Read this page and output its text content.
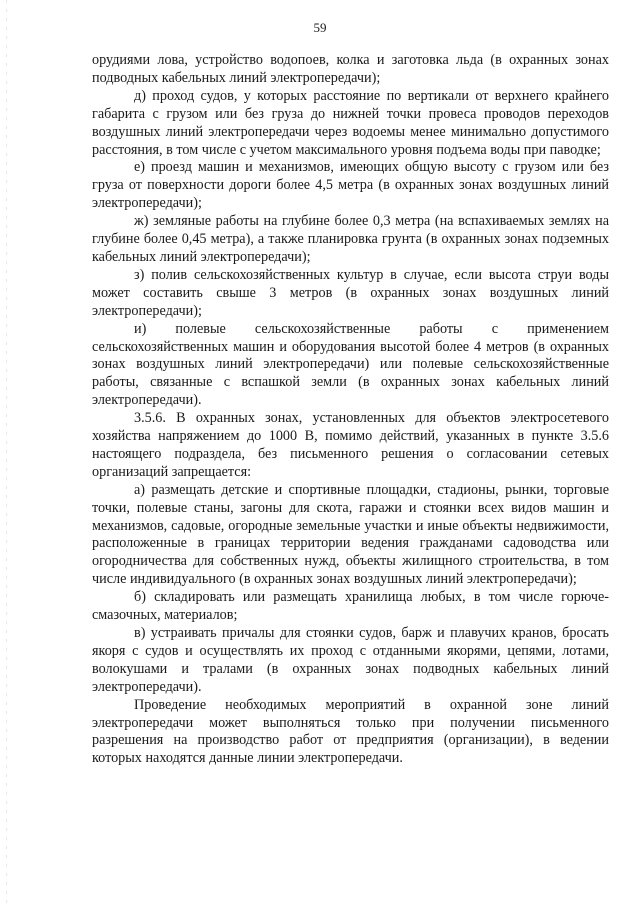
59

орудиями лова, устройство водопоев, колка и заготовка льда (в охранных зонах подводных кабельных линий электропередачи);

д) проход судов, у которых расстояние по вертикали от верхнего крайнего габарита с грузом или без груза до нижней точки провеса проводов переходов воздушных линий электропередачи через водоемы менее минимально допустимого расстояния, в том числе с учетом максимального уровня подъема воды при паводке;

е) проезд машин и механизмов, имеющих общую высоту с грузом или без груза от поверхности дороги более 4,5 метра (в охранных зонах воздушных линий электропередачи);

ж) земляные работы на глубине более 0,3 метра (на вспахиваемых землях на глубине более 0,45 метра), а также планировка грунта (в охранных зонах подземных кабельных линий электропередачи);

з) полив сельскохозяйственных культур в случае, если высота струи воды может составить свыше 3 метров (в охранных зонах воздушных линий электропередачи);

и) полевые сельскохозяйственные работы с применением сельскохозяйственных машин и оборудования высотой более 4 метров (в охранных зонах воздушных линий электропередачи) или полевые сельскохозяйственные работы, связанные с вспашкой земли (в охранных зонах кабельных линий электропередачи).

3.5.6. В охранных зонах, установленных для объектов электросетевого хозяйства напряжением до 1000 В, помимо действий, указанных в пункте 3.5.6 настоящего подраздела, без письменного решения о согласовании сетевых организаций запрещается:

а) размещать детские и спортивные площадки, стадионы, рынки, торговые точки, полевые станы, загоны для скота, гаражи и стоянки всех видов машин и механизмов, садовые, огородные земельные участки и иные объекты недвижимости, расположенные в границах территории ведения гражданами садоводства или огородничества для собственных нужд, объекты жилищного строительства, в том числе индивидуального (в охранных зонах воздушных линий электропередачи);

б) складировать или размещать хранилища любых, в том числе горюче-смазочных, материалов;

в) устраивать причалы для стоянки судов, барж и плавучих кранов, бросать якоря с судов и осуществлять их проход с отданными якорями, цепями, лотами, волокушами и тралами (в охранных зонах подводных кабельных линий электропередачи).

Проведение необходимых мероприятий в охранной зоне линий электропередачи может выполняться только при получении письменного разрешения на производство работ от предприятия (организации), в ведении которых находятся данные линии электропередачи.
